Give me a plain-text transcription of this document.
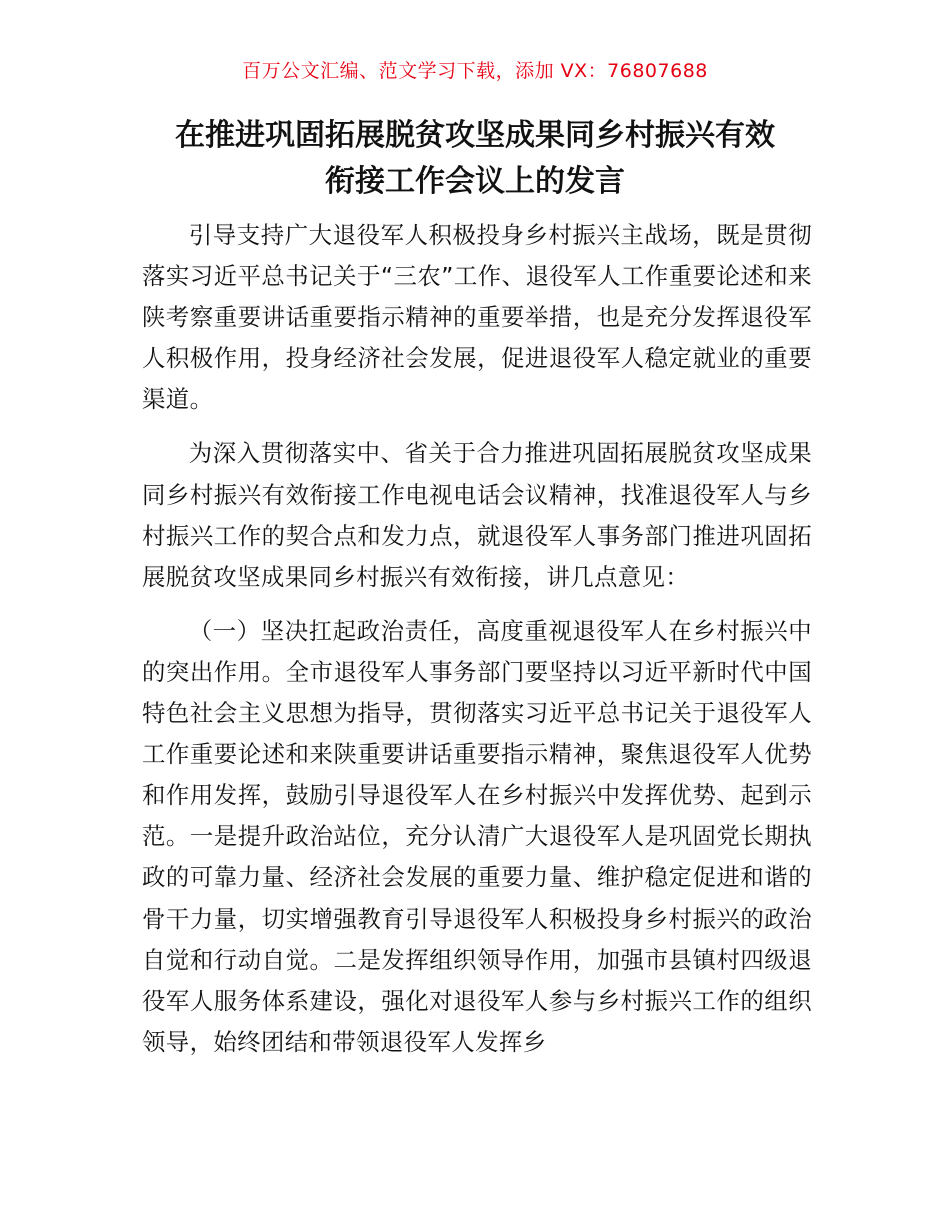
百万公文汇编、范文学习下载，添加 VX：76807688
在推进巩固拓展脱贫攻坚成果同乡村振兴有效
衔接工作会议上的发言

引导支持广大退役军人积极投身乡村振兴主战场，既是贯彻落实习近平总书记关于“三农”工作、退役军人工作重要论述和来陕考察重要讲话重要指示精神的重要举措，也是充分发挥退役军人积极作用，投身经济社会发展，促进退役军人稳定就业的重要渠道。

为深入贯彻落实中、省关于合力推进巩固拓展脱贫攻坚成果同乡村振兴有效衔接工作电视电话会议精神，找准退役军人与乡村振兴工作的契合点和发力点，就退役军人事务部门推进巩固拓展脱贫攻坚成果同乡村振兴有效衔接，讲几点意见：

（一）坚决扛起政治责任，高度重视退役军人在乡村振兴中的突出作用。全市退役军人事务部门要坚持以习近平新时代中国特色社会主义思想为指导，贯彻落实习近平总书记关于退役军人工作重要论述和来陕重要讲话重要指示精神，聚焦退役军人优势和作用发挥，鼓励引导退役军人在乡村振兴中发挥优势、起到示范。一是提升政治站位，充分认清广大退役军人是巩固党长期执政的可靠力量、经济社会发展的重要力量、维护稳定促进和谐的骨干力量，切实增强教育引导退役军人积极投身乡村振兴的政治自觉和行动自觉。二是发挥组织领导作用，加强市县镇村四级退役军人服务体系建设，强化对退役军人参与乡村振兴工作的组织领导，始终团结和带领退役军人发挥乡
